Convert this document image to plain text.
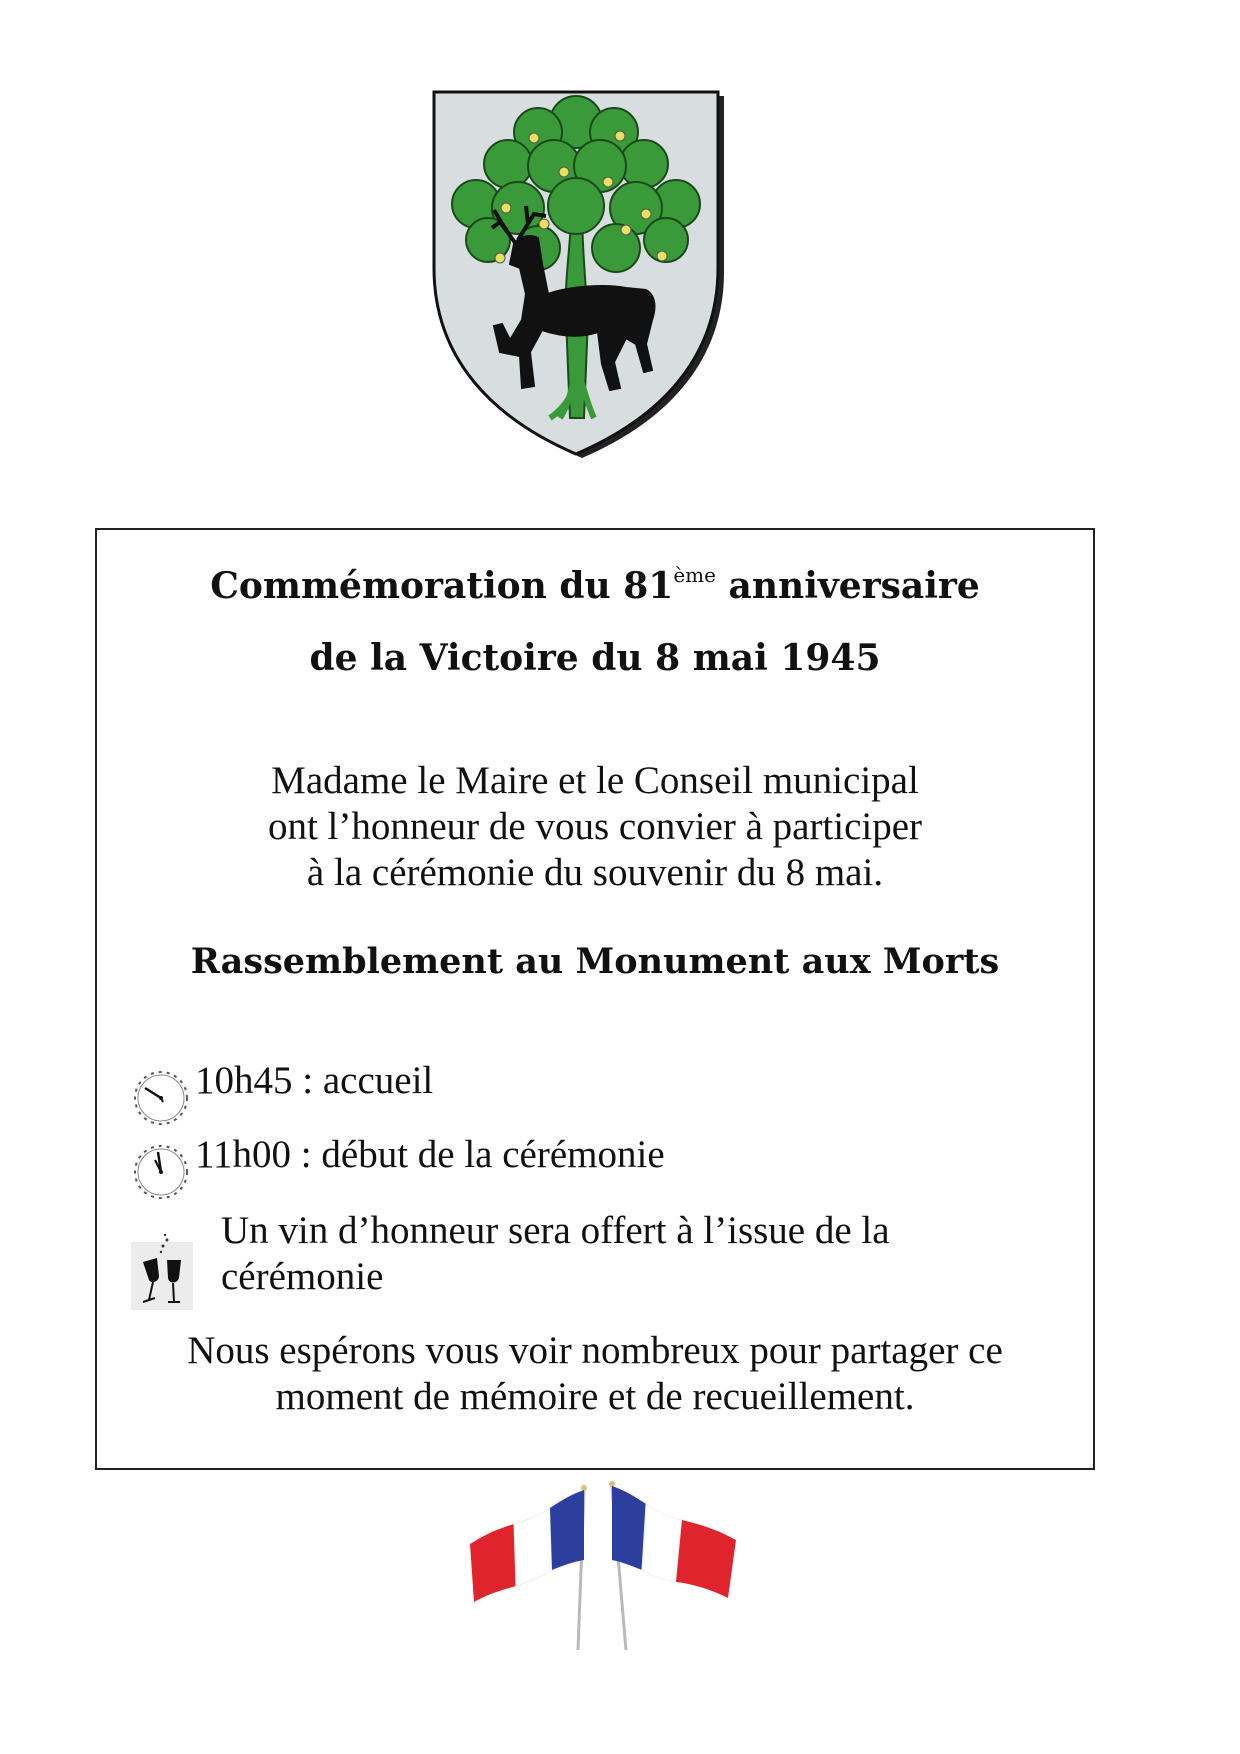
Commémoration du 81ème anniversaire
de la Victoire du 8 mai 1945
Madame le Maire et le Conseil municipal
ont l’honneur de vous convier à participer
à la cérémonie du souvenir du 8 mai.
Rassemblement au Monument aux Morts
10h45 : accueil
11h00 : début de la cérémonie
Un vin d’honneur sera offert à l’issue de la
cérémonie
Nous espérons vous voir nombreux pour partager ce
moment de mémoire et de recueillement.
